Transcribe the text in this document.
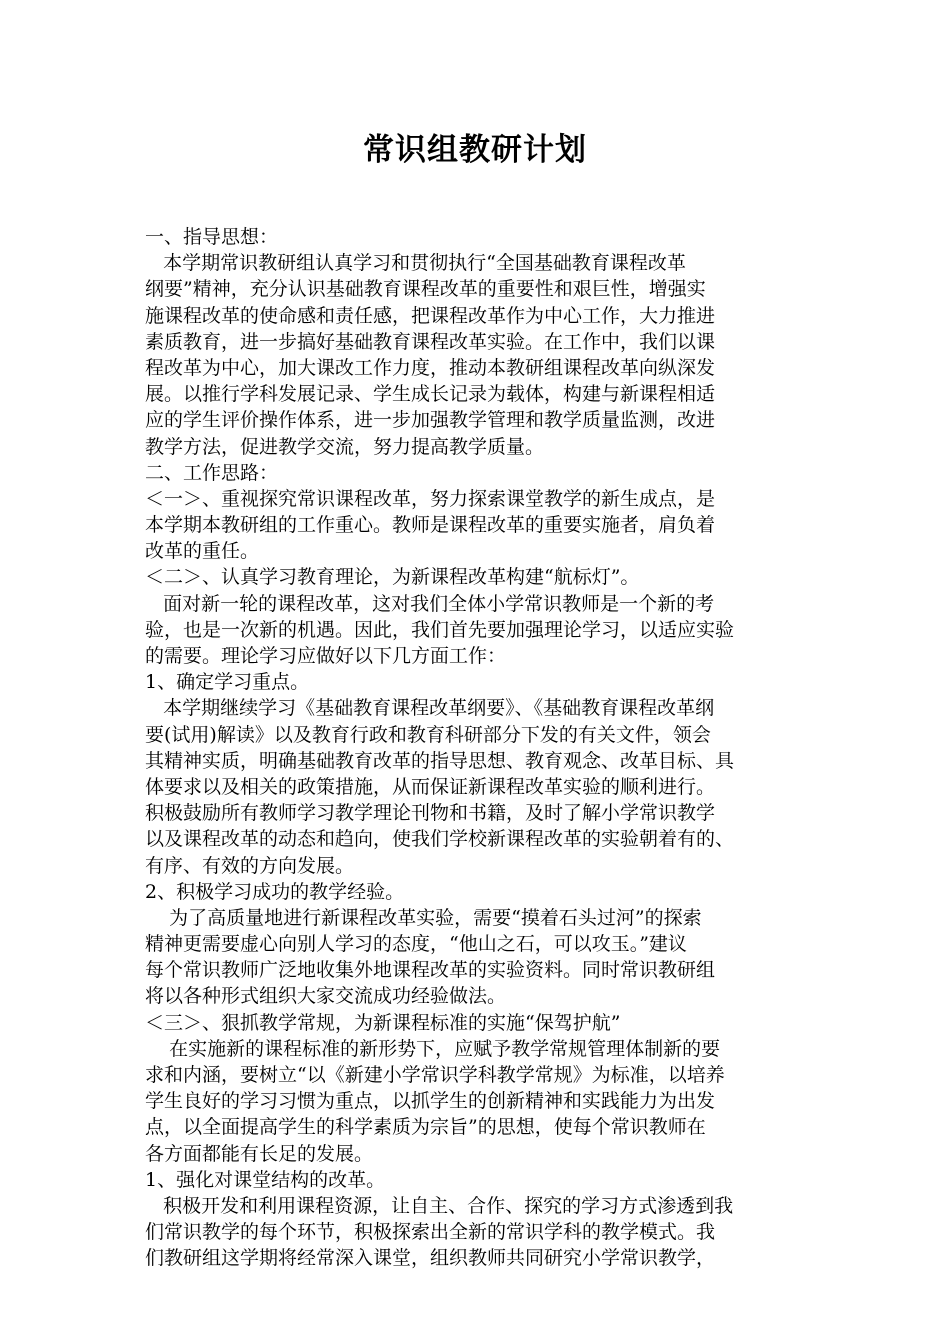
常识组教研计划
一、指导思想：
本学期常识教研组认真学习和贯彻执行“全国基础教育课程改革
纲要”精神，充分认识基础教育课程改革的重要性和艰巨性，增强实
施课程改革的使命感和责任感，把课程改革作为中心工作，大力推进
素质教育，进一步搞好基础教育课程改革实验。在工作中，我们以课
程改革为中心，加大课改工作力度，推动本教研组课程改革向纵深发
展。以推行学科发展记录、学生成长记录为载体，构建与新课程相适
应的学生评价操作体系，进一步加强教学管理和教学质量监测，改进
教学方法，促进教学交流，努力提高教学质量。
二、工作思路：
＜一＞、重视探究常识课程改革，努力探索课堂教学的新生成点，是
本学期本教研组的工作重心。教师是课程改革的重要实施者，肩负着
改革的重任。
＜二＞、认真学习教育理论，为新课程改革构建“航标灯”。
面对新一轮的课程改革，这对我们全体小学常识教师是一个新的考
验，也是一次新的机遇。因此，我们首先要加强理论学习，以适应实验
的需要。理论学习应做好以下几方面工作：
1、确定学习重点。
本学期继续学习《基础教育课程改革纲要》、《基础教育课程改革纲
要(试用)解读》以及教育行政和教育科研部分下发的有关文件，领会
其精神实质，明确基础教育改革的指导思想、教育观念、改革目标、具
体要求以及相关的政策措施，从而保证新课程改革实验的顺利进行。
积极鼓励所有教师学习教学理论刊物和书籍，及时了解小学常识教学
以及课程改革的动态和趋向，使我们学校新课程改革的实验朝着有的、
有序、有效的方向发展。
2、积极学习成功的教学经验。
为了高质量地进行新课程改革实验，需要“摸着石头过河”的探索
精神更需要虚心向别人学习的态度，“他山之石，可以攻玉。”建议
每个常识教师广泛地收集外地课程改革的实验资料。同时常识教研组
将以各种形式组织大家交流成功经验做法。
＜三＞、狠抓教学常规，为新课程标准的实施“保驾护航”
在实施新的课程标准的新形势下，应赋予教学常规管理体制新的要
求和内涵，要树立“以《新建小学常识学科教学常规》为标准，以培养
学生良好的学习习惯为重点，以抓学生的创新精神和实践能力为出发
点，以全面提高学生的科学素质为宗旨”的思想，使每个常识教师在
各方面都能有长足的发展。
1、强化对课堂结构的改革。
积极开发和利用课程资源，让自主、合作、探究的学习方式渗透到我
们常识教学的每个环节，积极探索出全新的常识学科的教学模式。我
们教研组这学期将经常深入课堂，组织教师共同研究小学常识教学，
